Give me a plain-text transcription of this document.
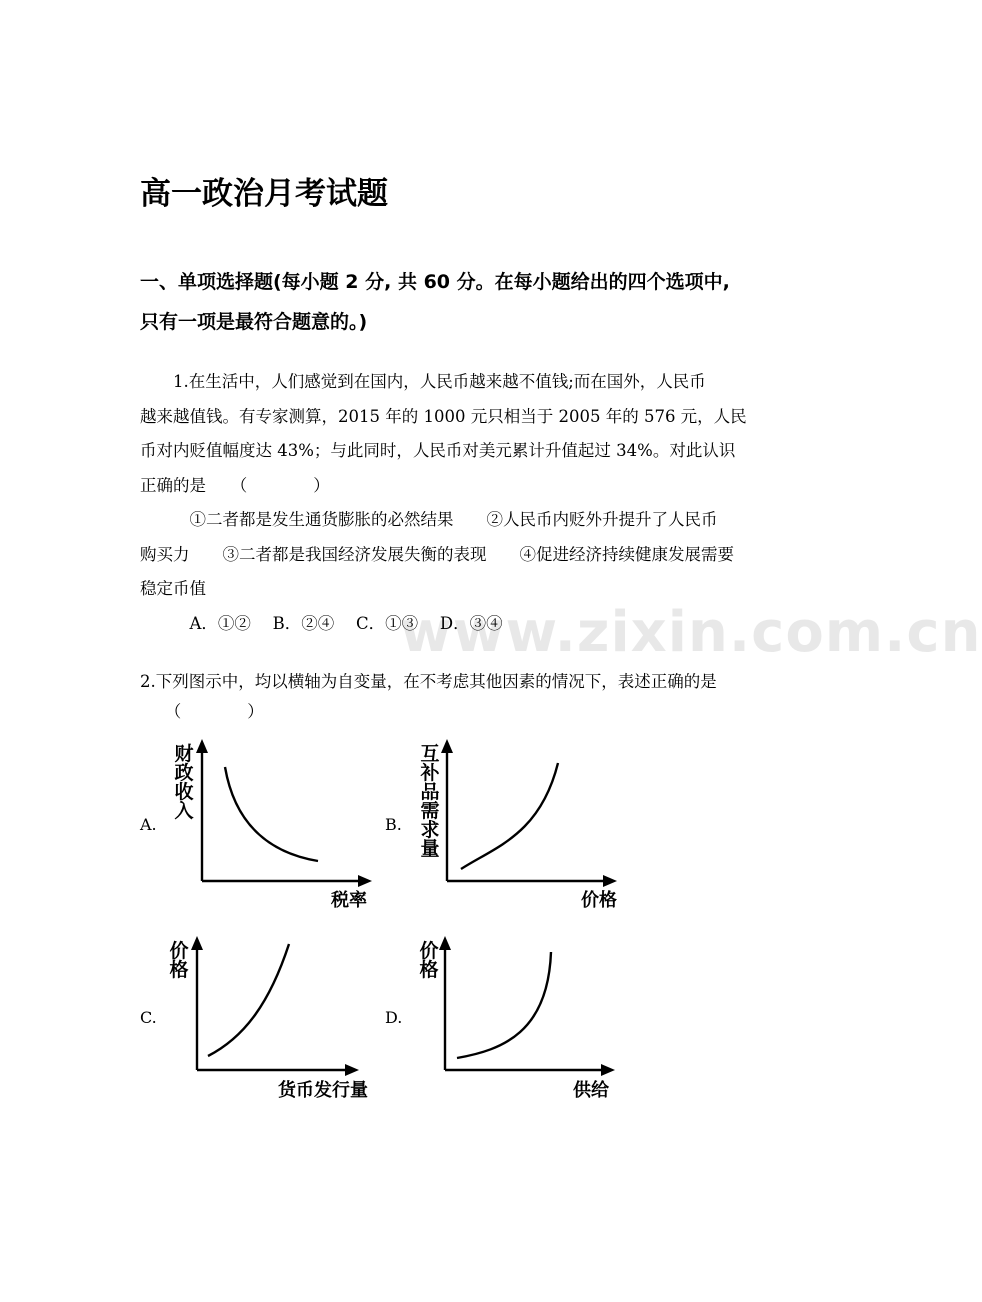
高一政治月考试题
一、单项选择题(每小题 2 分, 共 60 分。在每小题给出的四个选项中,
只有一项是最符合题意的。)
　　1.在生活中，人们感觉到在国内，人民币越来越不值钱;而在国外，人民币
越来越值钱。有专家测算，2015 年的 1000 元只相当于 2005 年的 576 元，人民
币对内贬值幅度达 43%；与此同时，人民币对美元累计升值起过 34%。对此认识
正确的是　　（　　　　）
　　　①二者都是发生通货膨胀的必然结果　　②人民币内贬外升提升了人民币
购买力　　③二者都是我国经济发展失衡的表现　　④促进经济持续健康发展需要
稳定币值
　　　A．①②　 B．②④　 C．①③　 D．③④
www.zixin.com.cn
2.下列图示中，均以横轴为自变量，在不考虑其他因素的情况下，表述正确的是
　　（　　　　）
A.
财政收入
税率
B.
互补品需求量
价格
C.
价格
货币发行量
D.
价格
供给
